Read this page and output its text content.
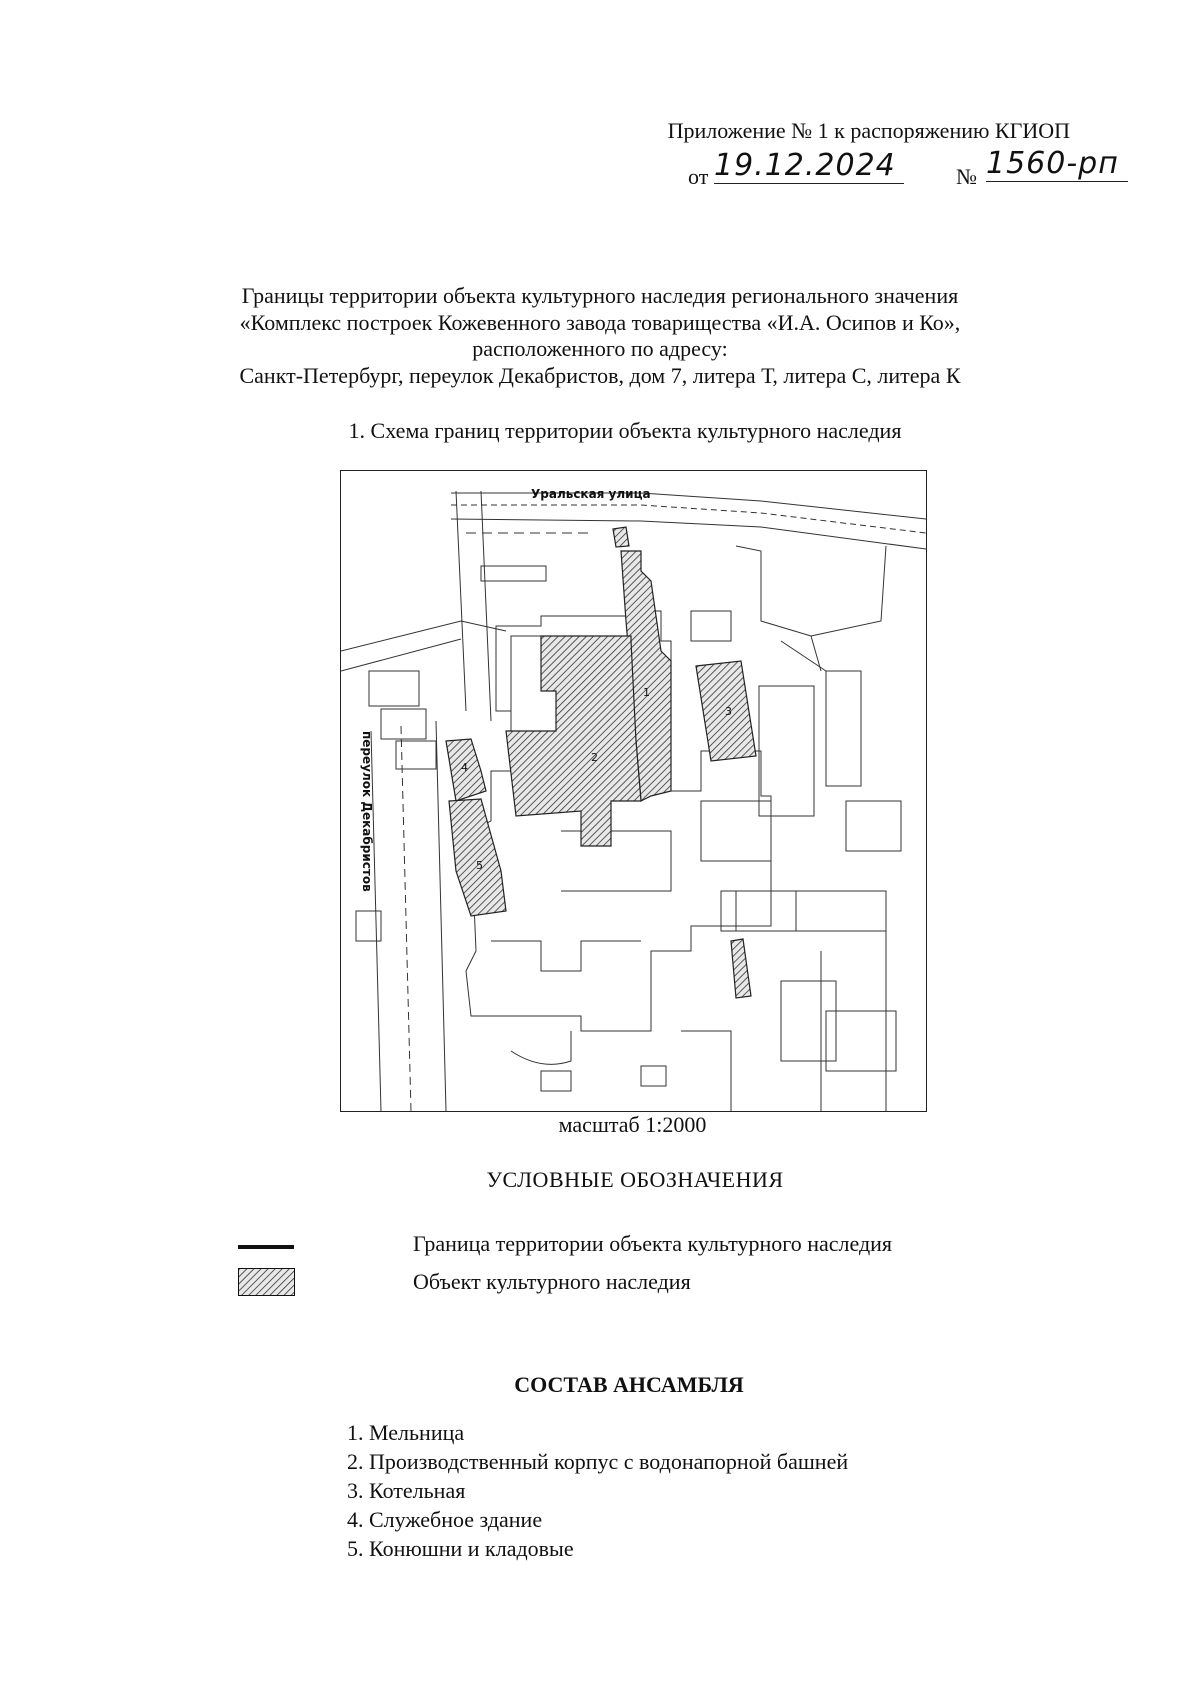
Приложение № 1 к распоряжению КГИОП
от 19.12.2024	№ 1560-рп
Границы территории объекта культурного наследия регионального значения
«Комплекс построек Кожевенного завода товарищества «И.А. Осипов и Ко»,
расположенного по адресу:
Санкт-Петербург, переулок Декабристов, дом 7, литера Т, литера С, литера К
1. Схема границ территории объекта культурного наследия
Уральская улица
переулок Декабристов
1
2
3
4
5
масштаб 1:2000
УСЛОВНЫЕ ОБОЗНАЧЕНИЯ
Граница территории объекта культурного наследия
Объект культурного наследия
СОСТАВ АНСАМБЛЯ
1. Мельница
2. Производственный корпус с водонапорной башней
3. Котельная
4. Служебное здание
5. Конюшни и кладовые
